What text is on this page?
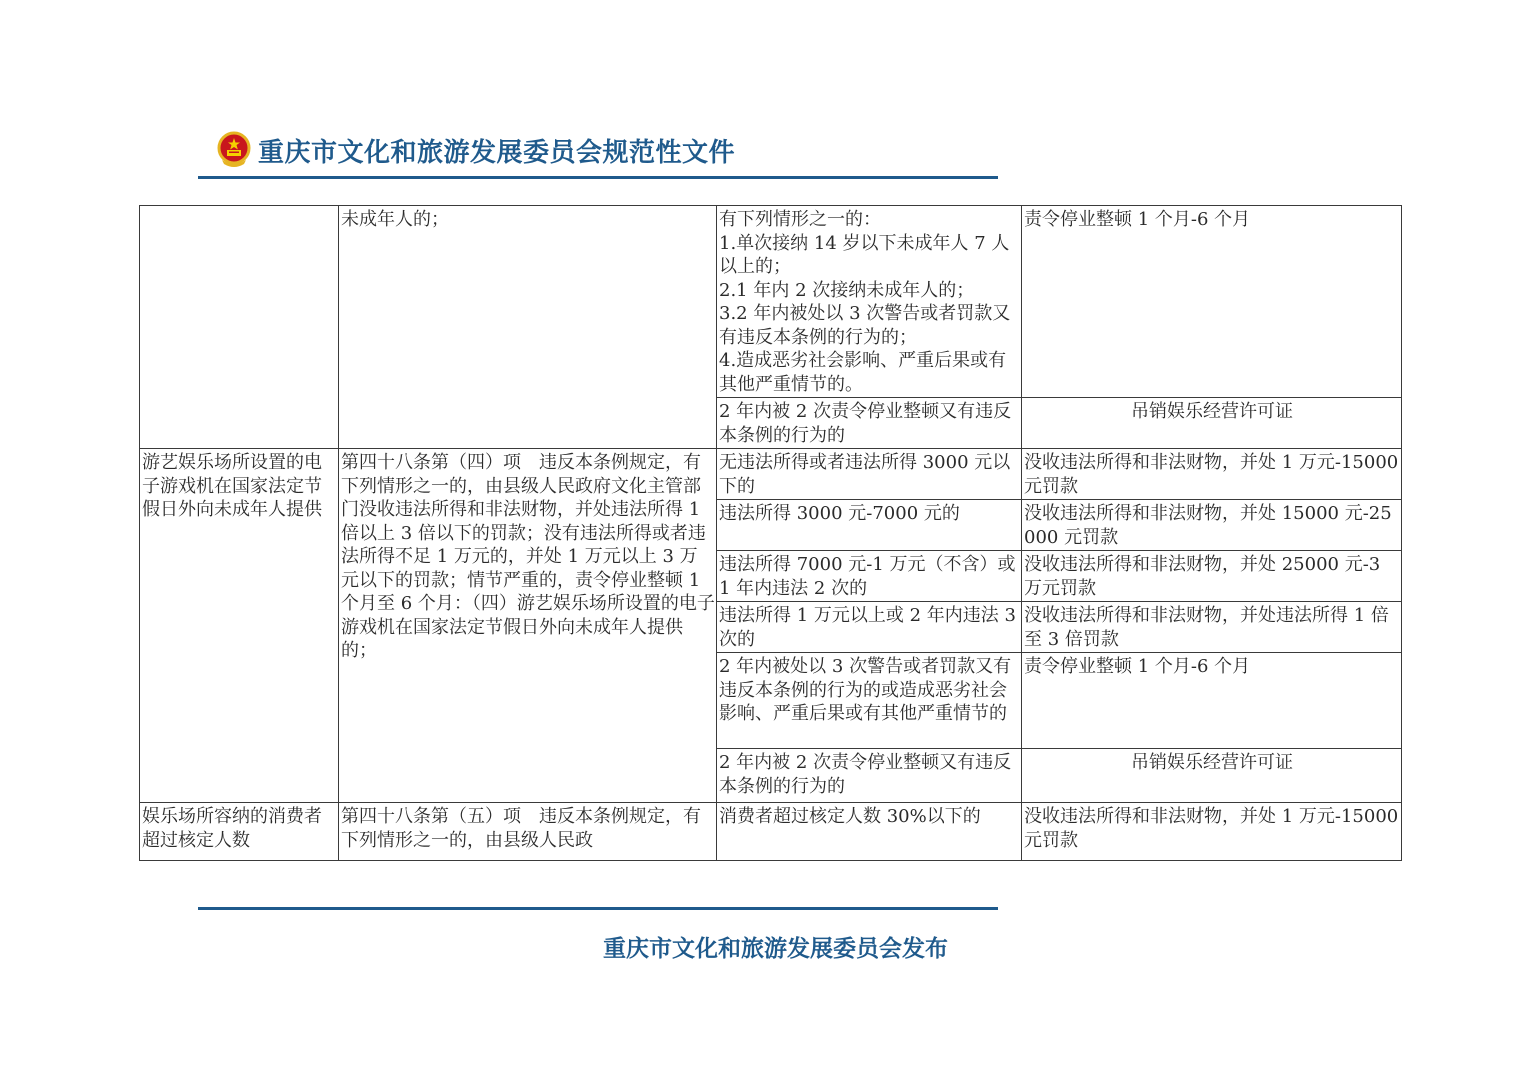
重庆市文化和旅游发展委员会规范性文件
	未成年人的；	有下列情形之一的：
1.单次接纳 14 岁以下未成年人 7 人以上的；
2.1 年内 2 次接纳未成年人的；
3.2 年内被处以 3 次警告或者罚款又有违反本条例的行为的；
4.造成恶劣社会影响、严重后果或有其他严重情节的。	责令停业整顿 1 个月-6 个月
		2 年内被 2 次责令停业整顿又有违反本条例的行为的	吊销娱乐经营许可证
游艺娱乐场所设置的电子游戏机在国家法定节假日外向未成年人提供	第四十八条第（四）项　违反本条例规定，有下列情形之一的，由县级人民政府文化主管部门没收违法所得和非法财物，并处违法所得 1 倍以上 3 倍以下的罚款；没有违法所得或者违法所得不足 1 万元的，并处 1 万元以上 3 万元以下的罚款；情节严重的，责令停业整顿 1 个月至 6 个月：（四）游艺娱乐场所设置的电子游戏机在国家法定节假日外向未成年人提供的；	无违法所得或者违法所得 3000 元以下的	没收违法所得和非法财物，并处 1 万元-15000 元罚款
		违法所得 3000 元-7000 元的	没收违法所得和非法财物，并处 15000 元-25000 元罚款
		违法所得 7000 元-1 万元（不含）或 1 年内违法 2 次的	没收违法所得和非法财物，并处 25000 元-3 万元罚款
		违法所得 1 万元以上或 2 年内违法 3 次的	没收违法所得和非法财物，并处违法所得 1 倍至 3 倍罚款
		2 年内被处以 3 次警告或者罚款又有违反本条例的行为的或造成恶劣社会影响、严重后果或有其他严重情节的	责令停业整顿 1 个月-6 个月
		2 年内被 2 次责令停业整顿又有违反本条例的行为的	吊销娱乐经营许可证
娱乐场所容纳的消费者超过核定人数	第四十八条第（五）项　违反本条例规定，有下列情形之一的，由县级人民政	消费者超过核定人数 30%以下的	没收违法所得和非法财物，并处 1 万元-15000 元罚款
重庆市文化和旅游发展委员会发布
